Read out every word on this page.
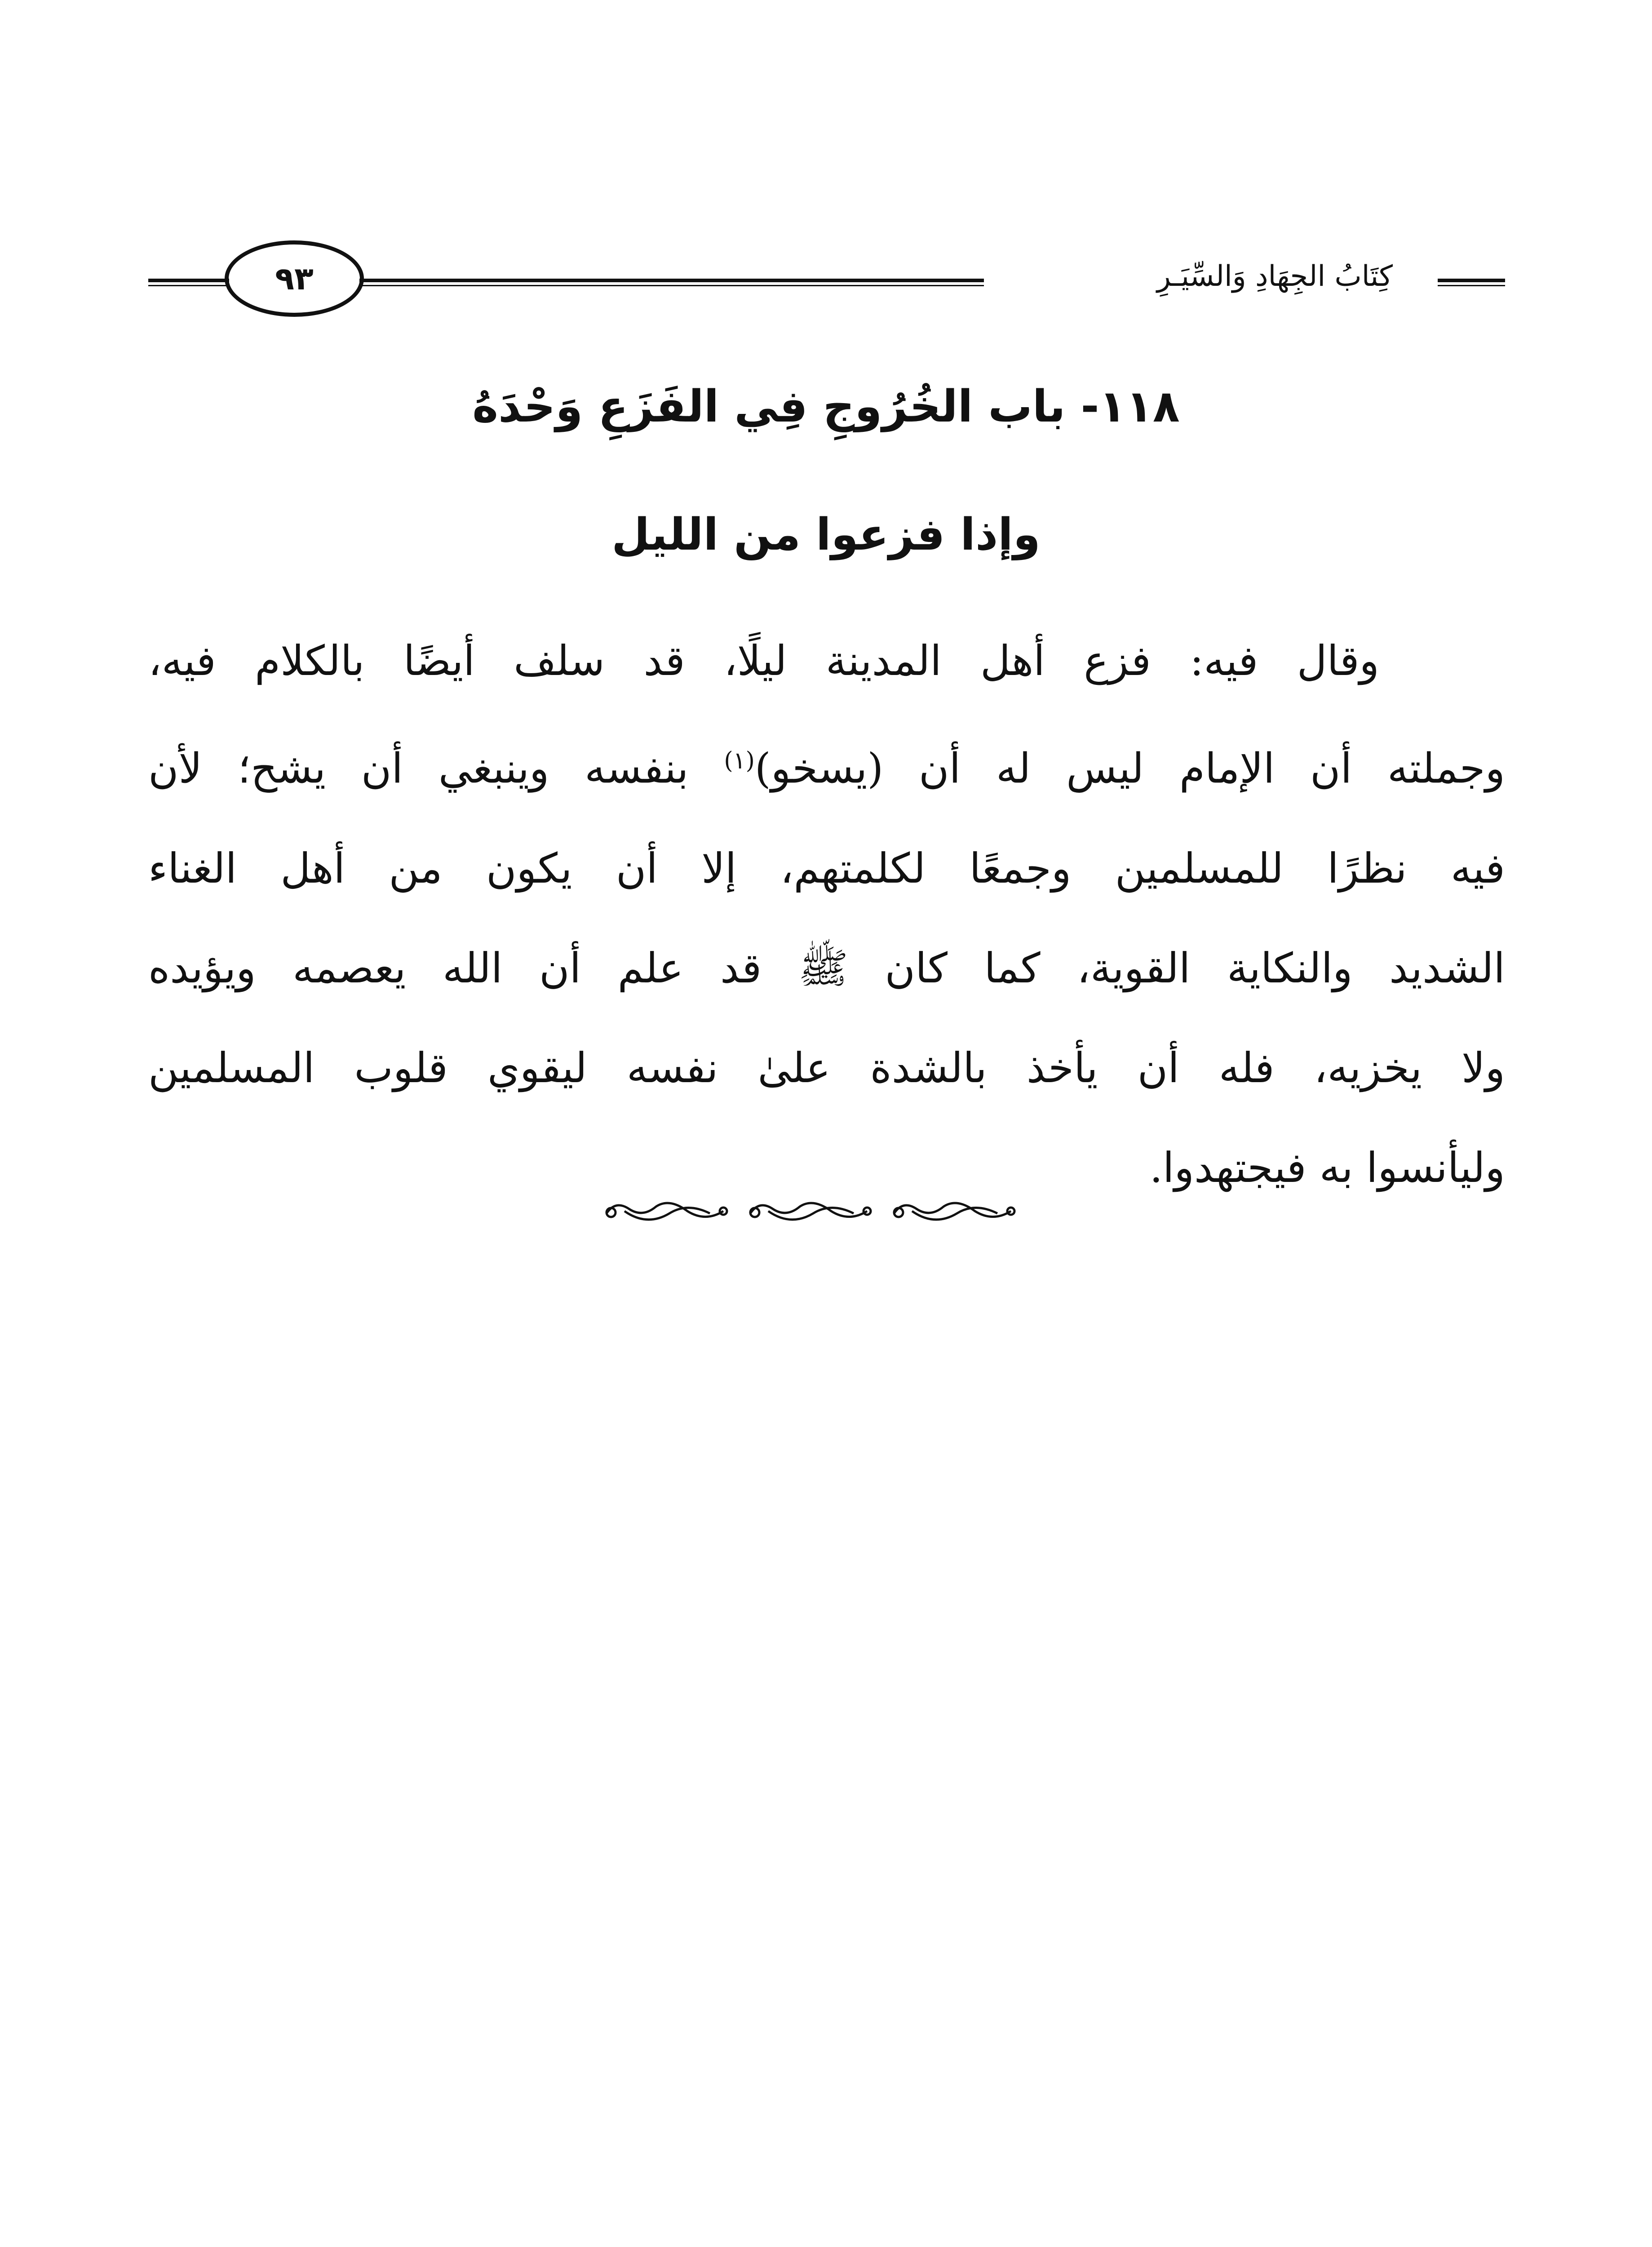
كِتَابُ الجِهَادِ وَالسِّيَـرِ
٩٣
١١٨- باب الخُرُوجِ فِي الفَزَعِ وَحْدَهُ
وإذا فزعوا من الليل
وقال فيه: فزع أهل المدينة ليلًا، قد سلف أيضًا بالكلام فيه،
وجملته أن الإمام ليس له أن (يسخو)$^{(١)}$ بنفسه وينبغي أن يشح؛ لأن
فيه نظرًا للمسلمين وجمعًا لكلمتهم، إلا أن يكون من أهل الغناء
الشديد والنكاية القوية، كما كان ﷺ قد علم أن الله يعصمه ويؤيده
ولا يخزيه، فله أن يأخذ بالشدة علىٰ نفسه ليقوي قلوب المسلمين
وليأنسوا به فيجتهدوا.
